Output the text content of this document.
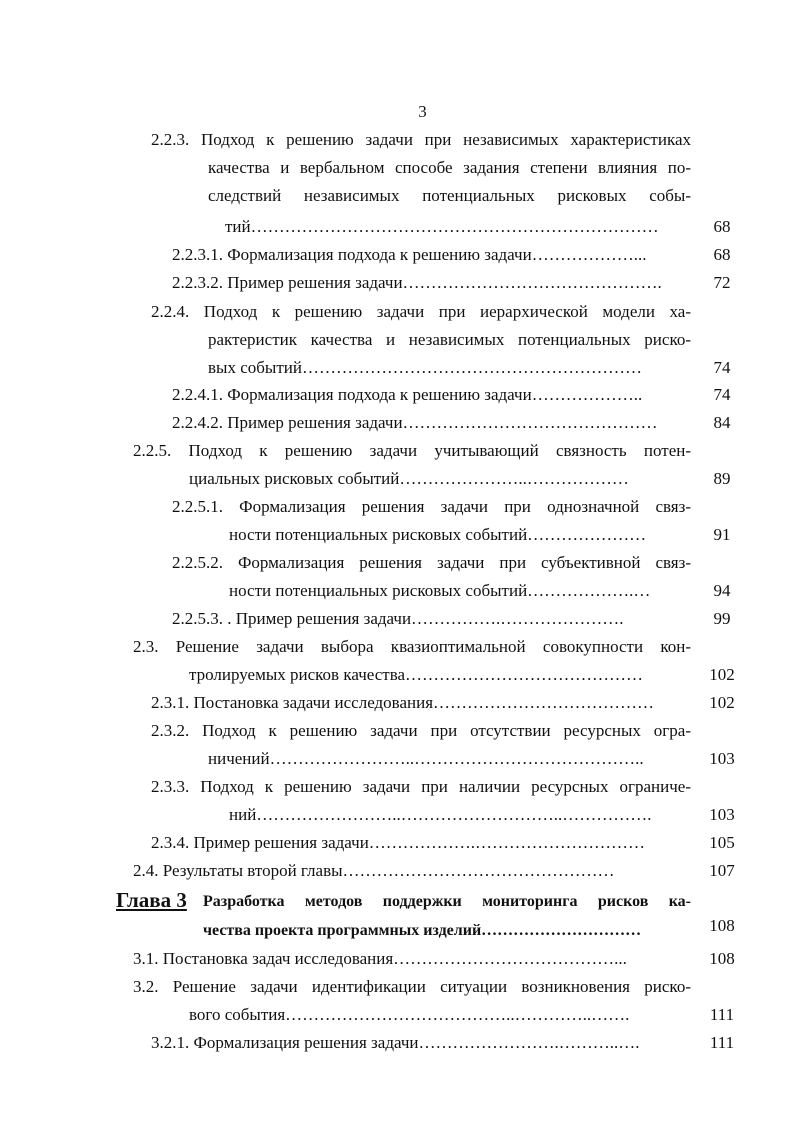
3
2.2.3. Подход к решению задачи при независимых характеристиках
качества и вербальном способе задания степени влияния по-
следствий независимых потенциальных рисковых собы-
тий………………………………………………………………	68
2.2.3.1. Формализация подхода к решению задачи………………...	68
2.2.3.2. Пример решения задачи……………………………………….	72
2.2.4. Подход к решению задачи при иерархической модели ха-
рактеристик качества и независимых потенциальных риско-
вых событий……………………………………………………	74
2.2.4.1. Формализация подхода к решению задачи………………..	74
2.2.4.2. Пример решения задачи………………………………………	84
2.2.5. Подход к решению задачи учитывающий связность потен-
циальных рисковых событий…………………..………………	89
2.2.5.1. Формализация решения задачи при однозначной связ-
ности потенциальных рисковых событий…………………	91
2.2.5.2. Формализация решения задачи при субъективной связ-
ности потенциальных рисковых событий……………….…	94
2.2.5.3. . Пример решения задачи…………….………………….	99
2.3. Решение задачи выбора квазиоптимальной совокупности кон-
тролируемых рисков качества……………………………………	102
2.3.1. Постановка задачи исследования…………………………………	102
2.3.2. Подход к решению задачи при отсутствии ресурсных огра-
ничений……………………..…………………………………..	103
2.3.3. Подход к решению задачи при наличии ресурсных ограниче-
ний……………………..………………………..…………….	103
2.3.4. Пример решения задачи……………….…………………………	105
2.4. Результаты второй главы…………………………………………	107
Глава 3 Разработка методов поддержки мониторинга рисков ка-
чества проекта программных изделий…………………………	108
3.1. Постановка задач исследования…………………………………...	108
3.2. Решение задачи идентификации ситуации возникновения риско-
вого события…………………………………..…………..…….	111
3.2.1. Формализация решения задачи…………………….………..….	111
